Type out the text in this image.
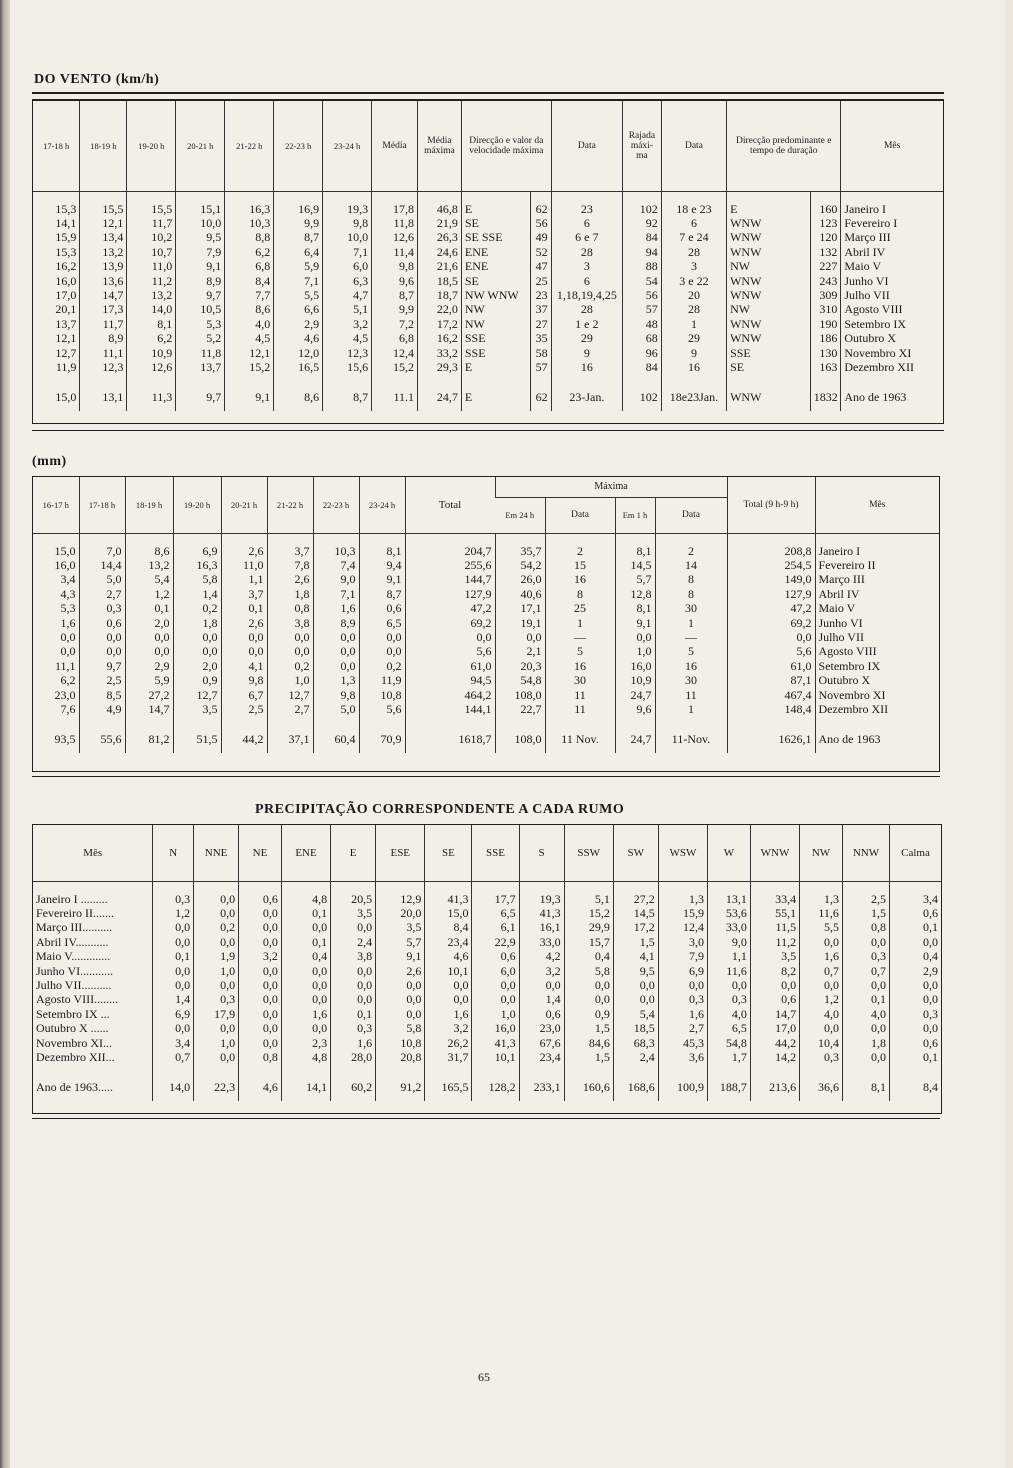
DO VENTO (km/h)
17-18 h	18-19 h	19-20 h	20-21 h	21-22 h	22-23 h	23-24 h	Média	Média máxima	Direcção e valor da velocidade máxima		Data	Rajada máxi- ma	Data	Direcção predominante e tempo de duração		Mês

15,3	15,5	15,5	15,1	16,3	16,9	19,3	17,8	46,8	E	62	23	102	18 e 23	E	160	Janeiro I
14,1	12,1	11,7	10,0	10,3	9,9	9,8	11,8	21,9	SE	56	6	92	6	WNW	123	Fevereiro I
15,9	13,4	10,2	9,5	8,8	8,7	10,0	12,6	26,3	SE SSE	49	6 e 7	84	7 e 24	WNW	120	Março III
15,3	13,2	10,7	7,9	6,2	6,4	7,1	11,4	24,6	ENE	52	28	94	28	WNW	132	Abril IV
16,2	13,9	11,0	9,1	6,8	5,9	6,0	9,8	21,6	ENE	47	3	88	3	NW	227	Maio V
16,0	13,6	11,2	8,9	8,4	7,1	6,3	9,6	18,5	SE	25	6	54	3 e 22	WNW	243	Junho VI
17,0	14,7	13,2	9,7	7,7	5,5	4,7	8,7	18,7	NW WNW	23	1,18,19,4,25	56	20	WNW	309	Julho VII
20,1	17,3	14,0	10,5	8,6	6,6	5,1	9,9	22,0	NW	37	28	57	28	NW	310	Agosto VIII
13,7	11,7	8,1	5,3	4,0	2,9	3,2	7,2	17,2	NW	27	1 e 2	48	1	WNW	190	Setembro IX
12,1	8,9	6,2	5,2	4,5	4,6	4,5	6,8	16,2	SSE	35	29	68	29	WNW	186	Outubro X
12,7	11,1	10,9	11,8	12,1	12,0	12,3	12,4	33,2	SSE	58	9	96	9	SSE	130	Novembro XI
11,9	12,3	12,6	13,7	15,2	16,5	15,6	15,2	29,3	E	57	16	84	16	SE	163	Dezembro XII

15,0	13,1	11,3	9,7	9,1	8,6	8,7	11.1	24,7	E	62	23-Jan.	102	18e23Jan.	WNW	1832	Ano de 1963
(mm)
16-17 h	17-18 h	18-19 h	19-20 h	20-21 h	21-22 h	22-23 h	23-24 h	Total	Máxima				Total (9 h-9 h)	Mês
									Em 24 h	Data	Em 1 h	Data		

15,0	7,0	8,6	6,9	2,6	3,7	10,3	8,1	204,7	35,7	2	8,1	2	208,8	Janeiro I
16,0	14,4	13,2	16,3	11,0	7,8	7,4	9,4	255,6	54,2	15	14,5	14	254,5	Fevereiro II
3,4	5,0	5,4	5,8	1,1	2,6	9,0	9,1	144,7	26,0	16	5,7	8	149,0	Março III
4,3	2,7	1,2	1,4	3,7	1,8	7,1	8,7	127,9	40,6	8	12,8	8	127,9	Abril IV
5,3	0,3	0,1	0,2	0,1	0,8	1,6	0,6	47,2	17,1	25	8,1	30	47,2	Maio V
1,6	0,6	2,0	1,8	2,6	3,8	8,9	6,5	69,2	19,1	1	9,1	1	69,2	Junho VI
0,0	0,0	0,0	0,0	0,0	0,0	0,0	0,0	0,0	0,0	—	0,0	—	0,0	Julho VII
0,0	0,0	0,0	0,0	0,0	0,0	0,0	0,0	5,6	2,1	5	1,0	5	5,6	Agosto VIII
11,1	9,7	2,9	2,0	4,1	0,2	0,0	0,2	61,0	20,3	16	16,0	16	61,0	Setembro IX
6,2	2,5	5,9	0,9	9,8	1,0	1,3	11,9	94,5	54,8	30	10,9	30	87,1	Outubro X
23,0	8,5	27,2	12,7	6,7	12,7	9,8	10,8	464,2	108,0	11	24,7	11	467,4	Novembro XI
7,6	4,9	14,7	3,5	2,5	2,7	5,0	5,6	144,1	22,7	11	9,6	1	148,4	Dezembro XII

93,5	55,6	81,2	51,5	44,2	37,1	60,4	70,9	1618,7	108,0	11 Nov.	24,7	11-Nov.	1626,1	Ano de 1963
PRECIPITAÇÃO CORRESPONDENTE A CADA RUMO
Mês	N	NNE	NE	ENE	E	ESE	SE	SSE	S	SSW	SW	WSW	W	WNW	NW	NNW	Calma

Janeiro I .........	0,3	0,0	0,6	4,8	20,5	12,9	41,3	17,7	19,3	5,1	27,2	1,3	13,1	33,4	1,3	2,5	3,4
Fevereiro II.......	1,2	0,0	0,0	0,1	3,5	20,0	15,0	6,5	41,3	15,2	14,5	15,9	53,6	55,1	11,6	1,5	0,6
Março III..........	0,0	0,2	0,0	0,0	0,0	3,5	8,4	6,1	16,1	29,9	17,2	12,4	33,0	11,5	5,5	0,8	0,1
Abril IV...........	0,0	0,0	0,0	0,1	2,4	5,7	23,4	22,9	33,0	15,7	1,5	3,0	9,0	11,2	0,0	0,0	0,0
Maio V.............	0,1	1,9	3,2	0,4	3,8	9,1	4,6	0,6	4,2	0,4	4,1	7,9	1,1	3,5	1,6	0,3	0,4
Junho VI...........	0,0	1,0	0,0	0,0	0,0	2,6	10,1	6,0	3,2	5,8	9,5	6,9	11,6	8,2	0,7	0,7	2,9
Julho VII..........	0,0	0,0	0,0	0,0	0,0	0,0	0,0	0,0	0,0	0,0	0,0	0,0	0,0	0,0	0,0	0,0	0,0
Agosto VIII........	1,4	0,3	0,0	0,0	0,0	0,0	0,0	0,0	1,4	0,0	0,0	0,3	0,3	0,6	1,2	0,1	0,0
Setembro IX ...	6,9	17,9	0,0	1,6	0,1	0,0	1,6	1,0	0,6	0,9	5,4	1,6	4,0	14,7	4,0	4,0	0,3
Outubro X ......	0,0	0,0	0,0	0,0	0,3	5,8	3,2	16,0	23,0	1,5	18,5	2,7	6,5	17,0	0,0	0,0	0,0
Novembro XI...	3,4	1,0	0,0	2,3	1,6	10,8	26,2	41,3	67,6	84,6	68,3	45,3	54,8	44,2	10,4	1,8	0,6
Dezembro XII...	0,7	0,0	0,8	4,8	28,0	20,8	31,7	10,1	23,4	1,5	2,4	3,6	1,7	14,2	0,3	0,0	0,1

Ano de 1963.....	14,0	22,3	4,6	14,1	60,2	91,2	165,5	128,2	233,1	160,6	168,6	100,9	188,7	213,6	36,6	8,1	8,4
65
